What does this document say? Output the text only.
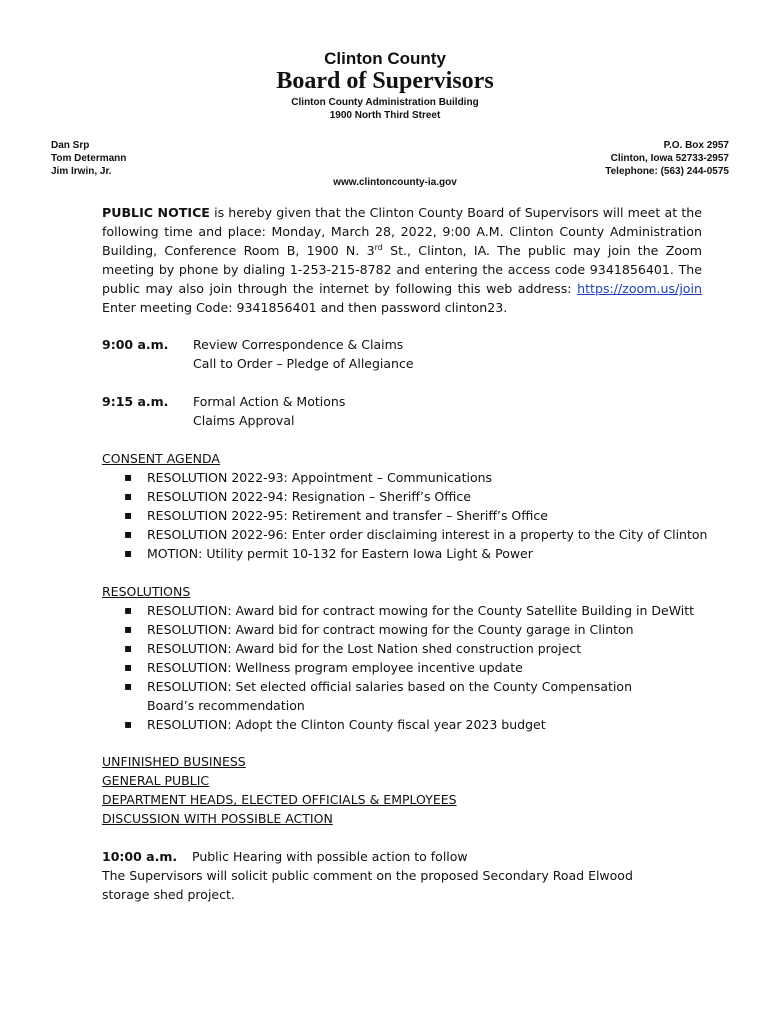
Clinton County
Board of Supervisors
Clinton County Administration Building
1900 North Third Street
Dan Srp
Tom Determann
Jim Irwin, Jr.
P.O. Box 2957
Clinton, Iowa 52733-2957
Telephone: (563) 244-0575
www.clintoncounty-ia.gov
PUBLIC NOTICE is hereby given that the Clinton County Board of Supervisors will meet at the following time and place: Monday, March 28, 2022, 9:00 A.M. Clinton County Administration Building, Conference Room B, 1900 N. 3rd St., Clinton, IA. The public may join the Zoom meeting by phone by dialing 1-253-215-8782 and entering the access code 9341856401. The public may also join through the internet by following this web address: https://zoom.us/join Enter meeting Code: 9341856401 and then password clinton23.
9:00 a.m.	Review Correspondence & Claims
Call to Order – Pledge of Allegiance
9:15 a.m.	Formal Action & Motions
Claims Approval
CONSENT AGENDA
▪ RESOLUTION 2022-93: Appointment – Communications
▪ RESOLUTION 2022-94: Resignation – Sheriff’s Office
▪ RESOLUTION 2022-95: Retirement and transfer – Sheriff’s Office
▪ RESOLUTION 2022-96: Enter order disclaiming interest in a property to the City of Clinton
▪ MOTION: Utility permit 10-132 for Eastern Iowa Light & Power
RESOLUTIONS
▪ RESOLUTION: Award bid for contract mowing for the County Satellite Building in DeWitt
▪ RESOLUTION: Award bid for contract mowing for the County garage in Clinton
▪ RESOLUTION: Award bid for the Lost Nation shed construction project
▪ RESOLUTION: Wellness program employee incentive update
▪ RESOLUTION: Set elected official salaries based on the County Compensation Board’s recommendation
▪ RESOLUTION: Adopt the Clinton County fiscal year 2023 budget
UNFINISHED BUSINESS
GENERAL PUBLIC
DEPARTMENT HEADS, ELECTED OFFICIALS & EMPLOYEES
DISCUSSION WITH POSSIBLE ACTION
10:00 a.m. Public Hearing with possible action to follow
The Supervisors will solicit public comment on the proposed Secondary Road Elwood storage shed project.
